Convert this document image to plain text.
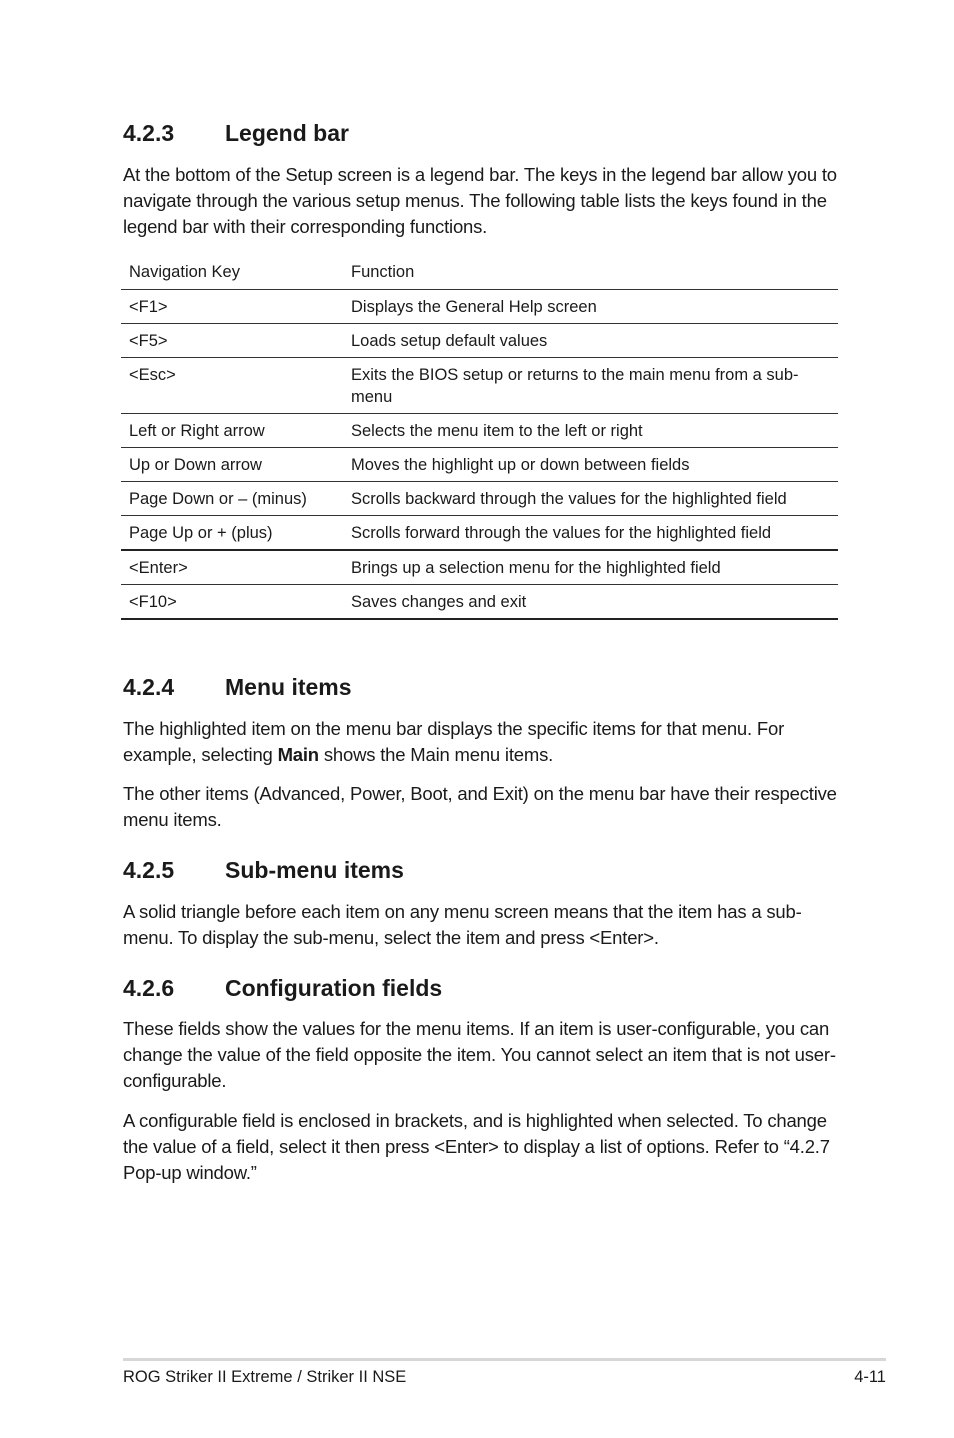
4.2.3 Legend bar

At the bottom of the Setup screen is a legend bar. The keys in the legend bar allow you to navigate through the various setup menus. The following table lists the keys found in the legend bar with their corresponding functions.

Navigation Key	Function
<F1>	Displays the General Help screen
<F5>	Loads setup default values
<Esc>	Exits the BIOS setup or returns to the main menu from a sub-menu
Left or Right arrow	Selects the menu item to the left or right
Up or Down arrow	Moves the highlight up or down between fields
Page Down or – (minus)	Scrolls backward through the values for the highlighted field
Page Up or + (plus)	Scrolls forward through the values for the highlighted field
<Enter>	Brings up a selection menu for the highlighted field
<F10>	Saves changes and exit
4.2.4 Menu items

The highlighted item on the menu bar displays the specific items for that menu. For example, selecting Main shows the Main menu items.

The other items (Advanced, Power, Boot, and Exit) on the menu bar have their respective menu items.

4.2.5 Sub-menu items

A solid triangle before each item on any menu screen means that the item has a sub-menu. To display the sub-menu, select the item and press <Enter>.

4.2.6 Configuration fields

These fields show the values for the menu items. If an item is user-configurable, you can change the value of the field opposite the item. You cannot select an item that is not user-configurable.

A configurable field is enclosed in brackets, and is highlighted when selected. To change the value of a field, select it then press <Enter> to display a list of options. Refer to “4.2.7 Pop-up window.”

ROG Striker II Extreme / Striker II NSE	4-11
